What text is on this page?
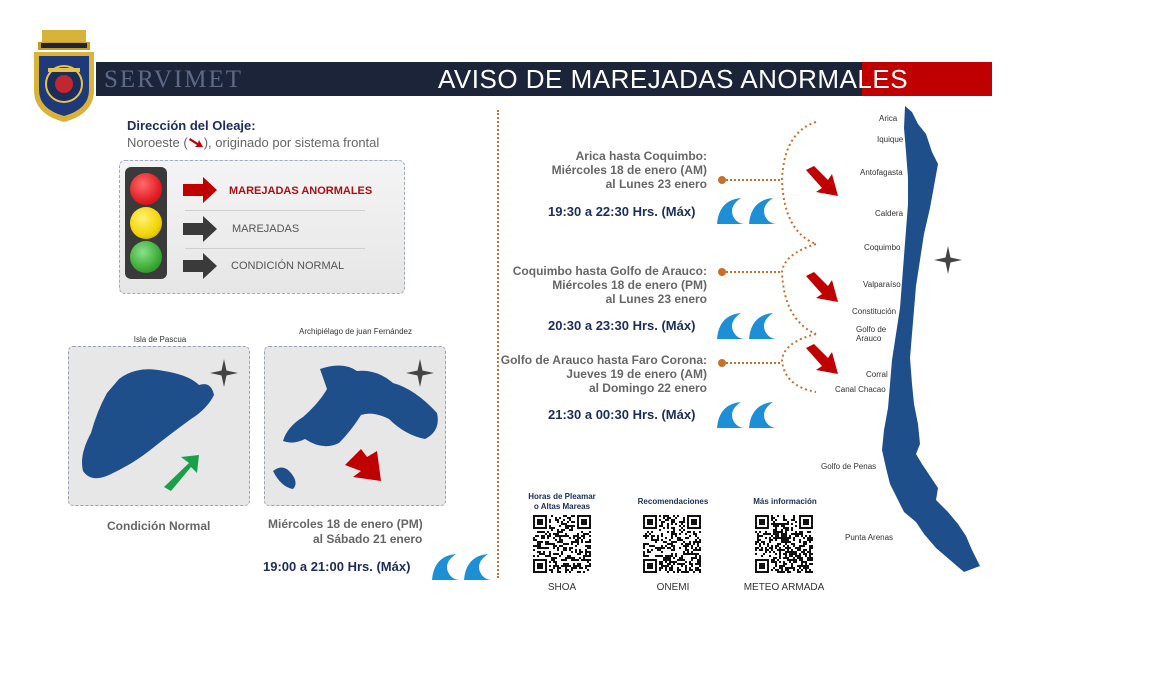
SERVIMET	AVISO DE MAREJADAS ANORMALES
Dirección del Oleaje:
Noroeste ( ), originado por sistema frontal
MAREJADAS ANORMALES
MAREJADAS
CONDICIÓN NORMAL
Isla de Pascua
Condición Normal
Archipiélago de juan Fernández
Miércoles 18 de enero (PM)
al Sábado 21 enero
19:00 a 21:00 Hrs. (Máx)
Arica hasta Coquimbo:
Miércoles 18 de enero (AM)
al Lunes 23 enero
19:30 a 22:30 Hrs. (Máx)
Coquimbo hasta Golfo de Arauco:
Miércoles 18 de enero (PM)
al Lunes 23 enero
20:30 a 23:30 Hrs. (Máx)
Golfo de Arauco hasta Faro Corona:
Jueves 19 de enero (AM)
al Domingo 22 enero
21:30 a 00:30 Hrs. (Máx)
Arica
Iquique
Antofagasta
Caldera
Coquimbo
Valparaíso
Constitución
Golfo de
Arauco
Corral
Canal Chacao
Golfo de Penas
Punta Arenas
Horas de Pleamar
o Altas Mareas
Recomendaciones	Más información
SHOA	ONEMI	METEO ARMADA
